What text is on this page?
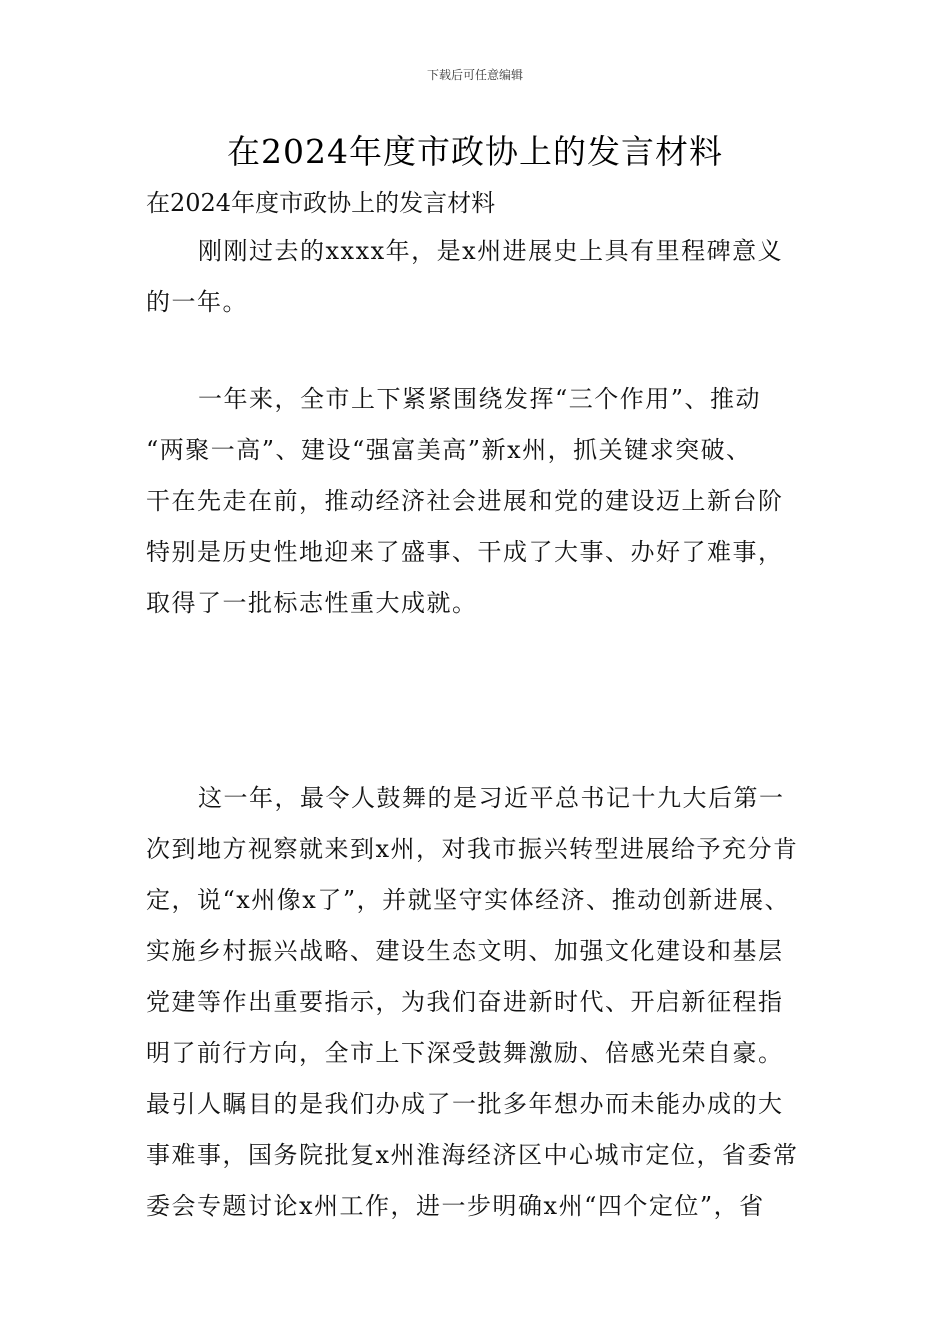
下载后可任意编辑
在2024年度市政协上的发言材料
在2024年度市政协上的发言材料
刚刚过去的xxxx年，是x州进展史上具有里程碑意义
的一年。
一年来，全市上下紧紧围绕发挥“三个作用”、推动
“两聚一高”、建设“强富美高”新x州，抓关键求突破、
干在先走在前，推动经济社会进展和党的建设迈上新台阶
特别是历史性地迎来了盛事、干成了大事、办好了难事，
取得了一批标志性重大成就。
这一年，最令人鼓舞的是习近平总书记十九大后第一
次到地方视察就来到x州，对我市振兴转型进展给予充分肯
定，说“x州像x了”，并就坚守实体经济、推动创新进展、
实施乡村振兴战略、建设生态文明、加强文化建设和基层
党建等作出重要指示，为我们奋进新时代、开启新征程指
明了前行方向，全市上下深受鼓舞激励、倍感光荣自豪。
最引人瞩目的是我们办成了一批多年想办而未能办成的大
事难事，国务院批复x州淮海经济区中心城市定位，省委常
委会专题讨论x州工作，进一步明确x州“四个定位”，省
